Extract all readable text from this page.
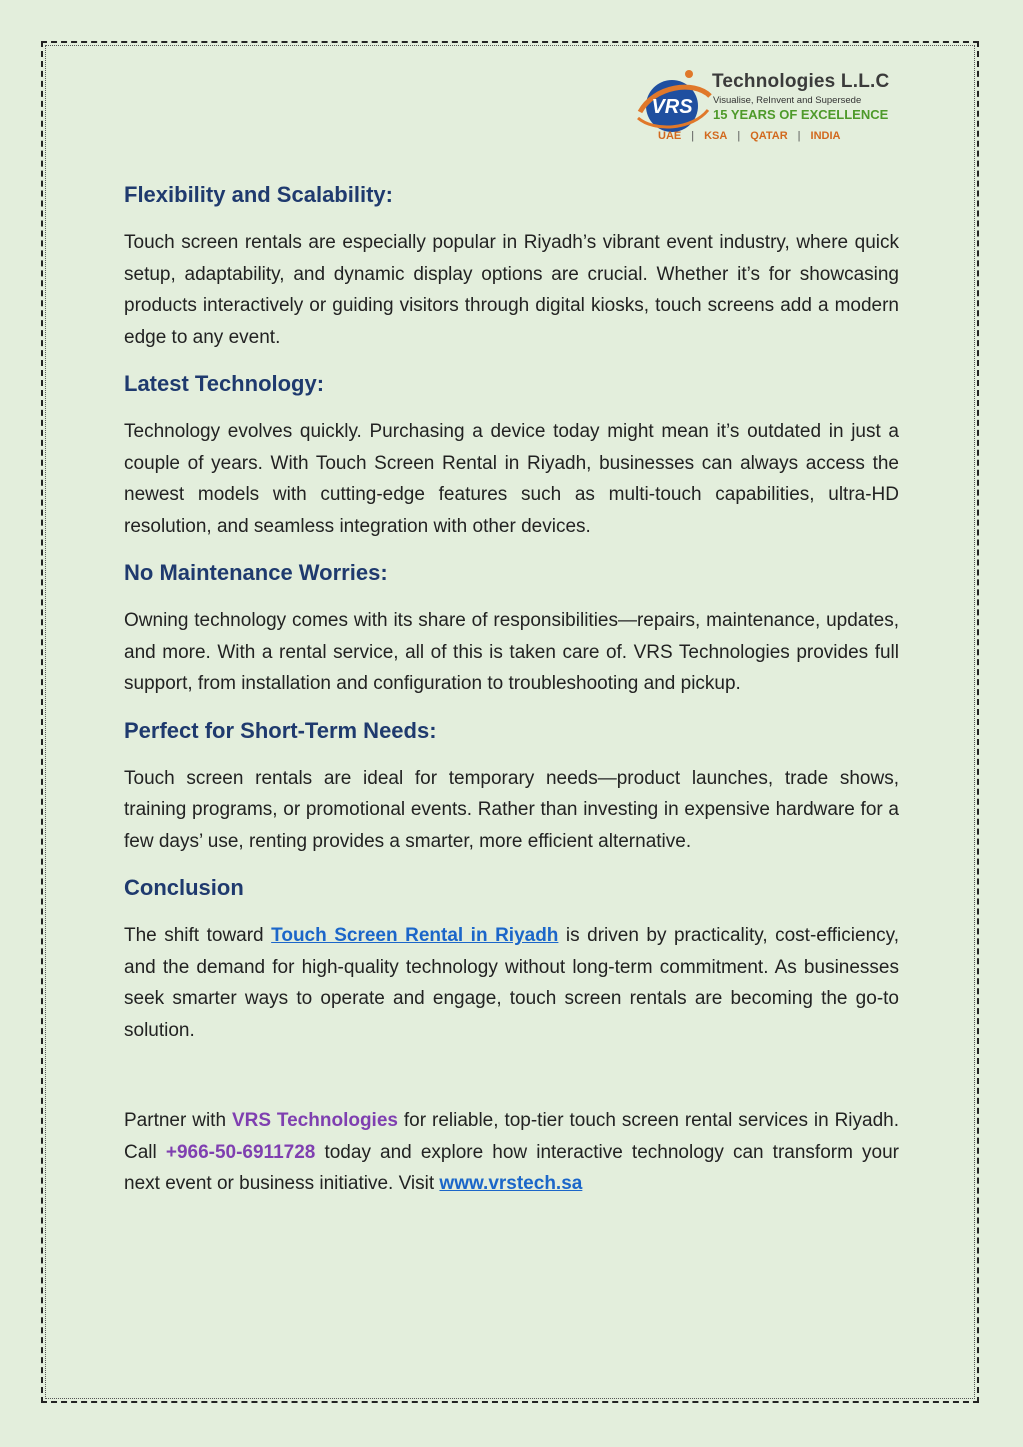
VRS
Technologies L.L.C
Visualise, ReInvent and Supersede
15 YEARS OF EXCELLENCE
UAE | KSA | QATAR | INDIA
Flexibility and Scalability:

Touch screen rentals are especially popular in Riyadh’s vibrant event industry, where quick setup, adaptability, and dynamic display options are crucial. Whether it’s for showcasing products interactively or guiding visitors through digital kiosks, touch screens add a modern edge to any event.

Latest Technology:

Technology evolves quickly. Purchasing a device today might mean it’s outdated in just a couple of years. With Touch Screen Rental in Riyadh, businesses can always access the newest models with cutting-edge features such as multi-touch capabilities, ultra-HD resolution, and seamless integration with other devices.

No Maintenance Worries:

Owning technology comes with its share of responsibilities—repairs, maintenance, updates, and more. With a rental service, all of this is taken care of. VRS Technologies provides full support, from installation and configuration to troubleshooting and pickup.

Perfect for Short-Term Needs:

Touch screen rentals are ideal for temporary needs—product launches, trade shows, training programs, or promotional events. Rather than investing in expensive hardware for a few days’ use, renting provides a smarter, more efficient alternative.

Conclusion

The shift toward Touch Screen Rental in Riyadh is driven by practicality, cost-efficiency, and the demand for high-quality technology without long-term commitment. As businesses seek smarter ways to operate and engage, touch screen rentals are becoming the go-to solution.

Partner with VRS Technologies for reliable, top-tier touch screen rental services in Riyadh. Call +966-50-6911728 today and explore how interactive technology can transform your next event or business initiative. Visit www.vrstech.sa
